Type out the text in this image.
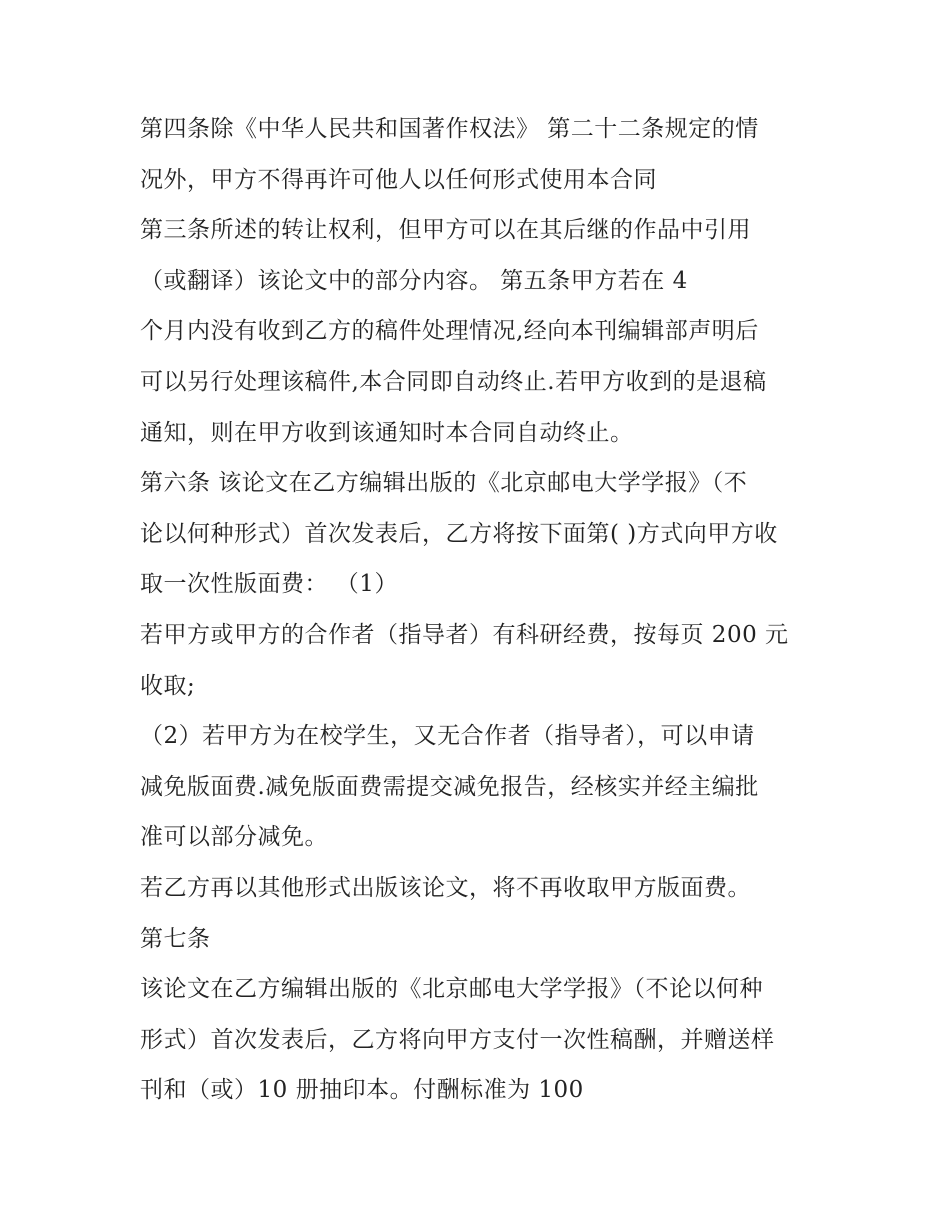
第四条除《中华人民共和国著作权法》 第二十二条规定的情
况外，甲方不得再许可他人以任何形式使用本合同
第三条所述的转让权利，但甲方可以在其后继的作品中引用
（或翻译）该论文中的部分内容。 第五条甲方若在 4
个月内没有收到乙方的稿件处理情况,经向本刊编辑部声明后
可以另行处理该稿件,本合同即自动终止.若甲方收到的是退稿
通知，则在甲方收到该通知时本合同自动终止。
第六条 该论文在乙方编辑出版的《北京邮电大学学报》（不
论以何种形式）首次发表后，乙方将按下面第( )方式向甲方收
取一次性版面费： （1）
若甲方或甲方的合作者（指导者）有科研经费，按每页 200 元
收取;
（2）若甲方为在校学生，又无合作者（指导者），可以申请
减免版面费.减免版面费需提交减免报告，经核实并经主编批
准可以部分减免。
若乙方再以其他形式出版该论文，将不再收取甲方版面费。
第七条
该论文在乙方编辑出版的《北京邮电大学学报》（不论以何种
形式）首次发表后，乙方将向甲方支付一次性稿酬，并赠送样
刊和（或）10 册抽印本。付酬标准为 100
